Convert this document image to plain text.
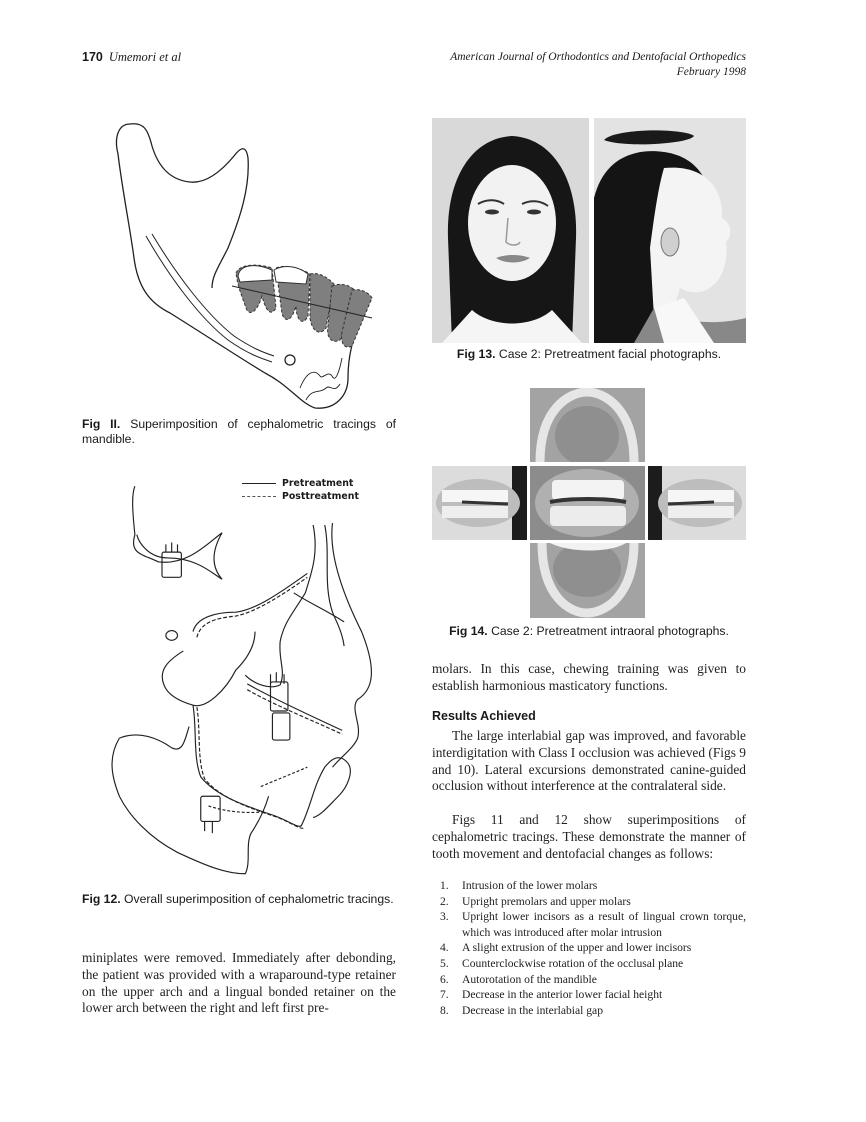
170 Umemori et al	American Journal of Orthodontics and Dentofacial Orthopedics
February 1998
Fig II. Superimposition of cephalometric tracings of mandible.
Pretreatment
Posttreatment
Fig 12. Overall superimposition of cephalometric tracings.
miniplates were removed. Immediately after debonding, the patient was provided with a wraparound-type retainer on the upper arch and a lingual bonded retainer on the lower arch between the right and left first pre-
Fig 13. Case 2: Pretreatment facial photographs.
Fig 14. Case 2: Pretreatment intraoral photographs.
molars. In this case, chewing training was given to establish harmonious masticatory functions.
Results Achieved
The large interlabial gap was improved, and favorable interdigitation with Class I occlusion was achieved (Figs 9 and 10). Lateral excursions demonstrated canine-guided occlusion without interference at the contralateral side.
Figs 11 and 12 show superimpositions of cephalometric tracings. These demonstrate the manner of tooth movement and dentofacial changes as follows:
1. Intrusion of the lower molars
2. Upright premolars and upper molars
3. Upright lower incisors as a result of lingual crown torque, which was introduced after molar intrusion
4. A slight extrusion of the upper and lower incisors
5. Counterclockwise rotation of the occlusal plane
6. Autorotation of the mandible
7. Decrease in the anterior lower facial height
8. Decrease in the interlabial gap
